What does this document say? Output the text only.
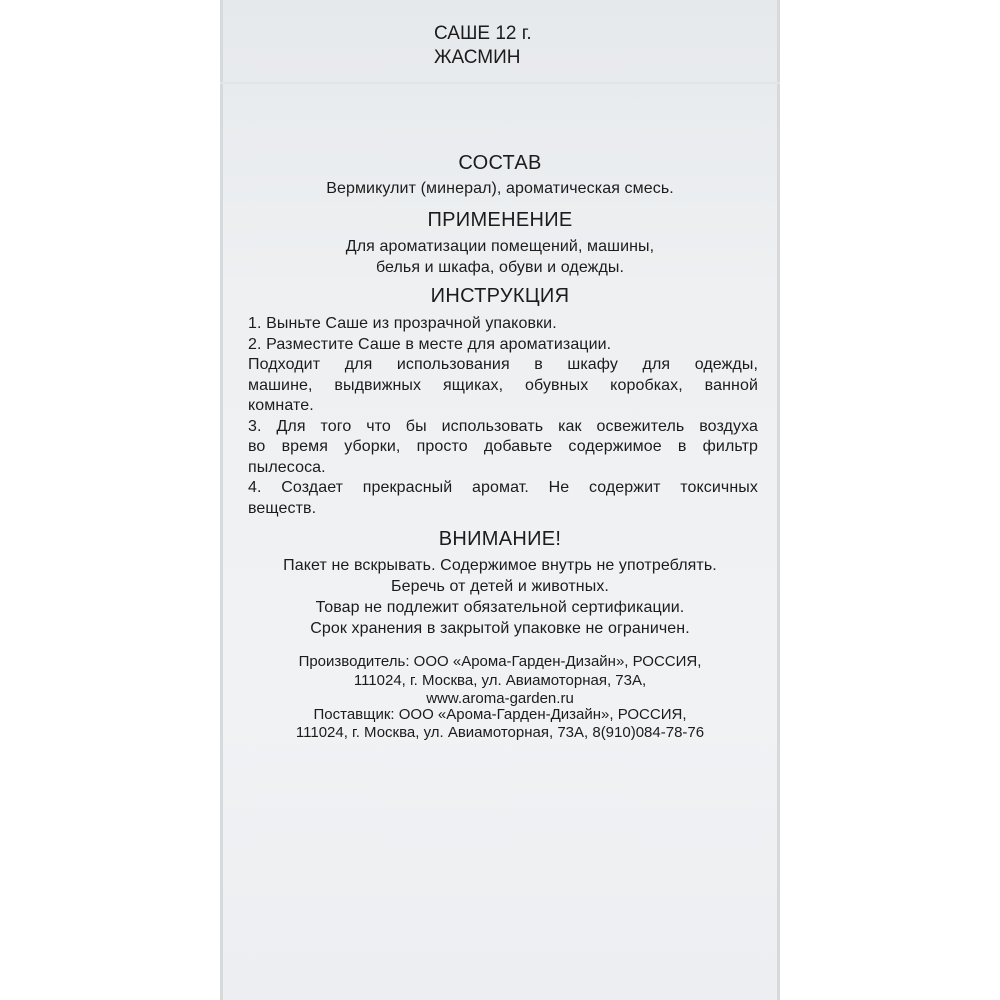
САШЕ 12 г.
ЖАСМИН
СОСТАВ
Вермикулит (минерал), ароматическая смесь.
ПРИМЕНЕНИЕ
Для ароматизации помещений, машины,
белья и шкафа, обуви и одежды.
ИНСТРУКЦИЯ
1. Выньте Саше из прозрачной упаковки.
2. Разместите Саше в месте для ароматизации.
Подходит для использования в шкафу для одежды,
машине, выдвижных ящиках, обувных коробках, ванной
комнате.
3. Для того что бы использовать как освежитель воздуха
во время уборки, просто добавьте содержимое в фильтр
пылесоса.
4. Создает прекрасный аромат. Не содержит токсичных
веществ.
ВНИМАНИЕ!
Пакет не вскрывать. Содержимое внутрь не употреблять.
Беречь от детей и животных.
Товар не подлежит обязательной сертификации.
Срок хранения в закрытой упаковке не ограничен.
Производитель: ООО «Арома-Гарден-Дизайн», РОССИЯ,
111024, г. Москва, ул. Авиамоторная, 73А,
www.aroma-garden.ru
Поставщик: ООО «Арома-Гарден-Дизайн», РОССИЯ,
111024, г. Москва, ул. Авиамоторная, 73А, 8(910)084-78-76
